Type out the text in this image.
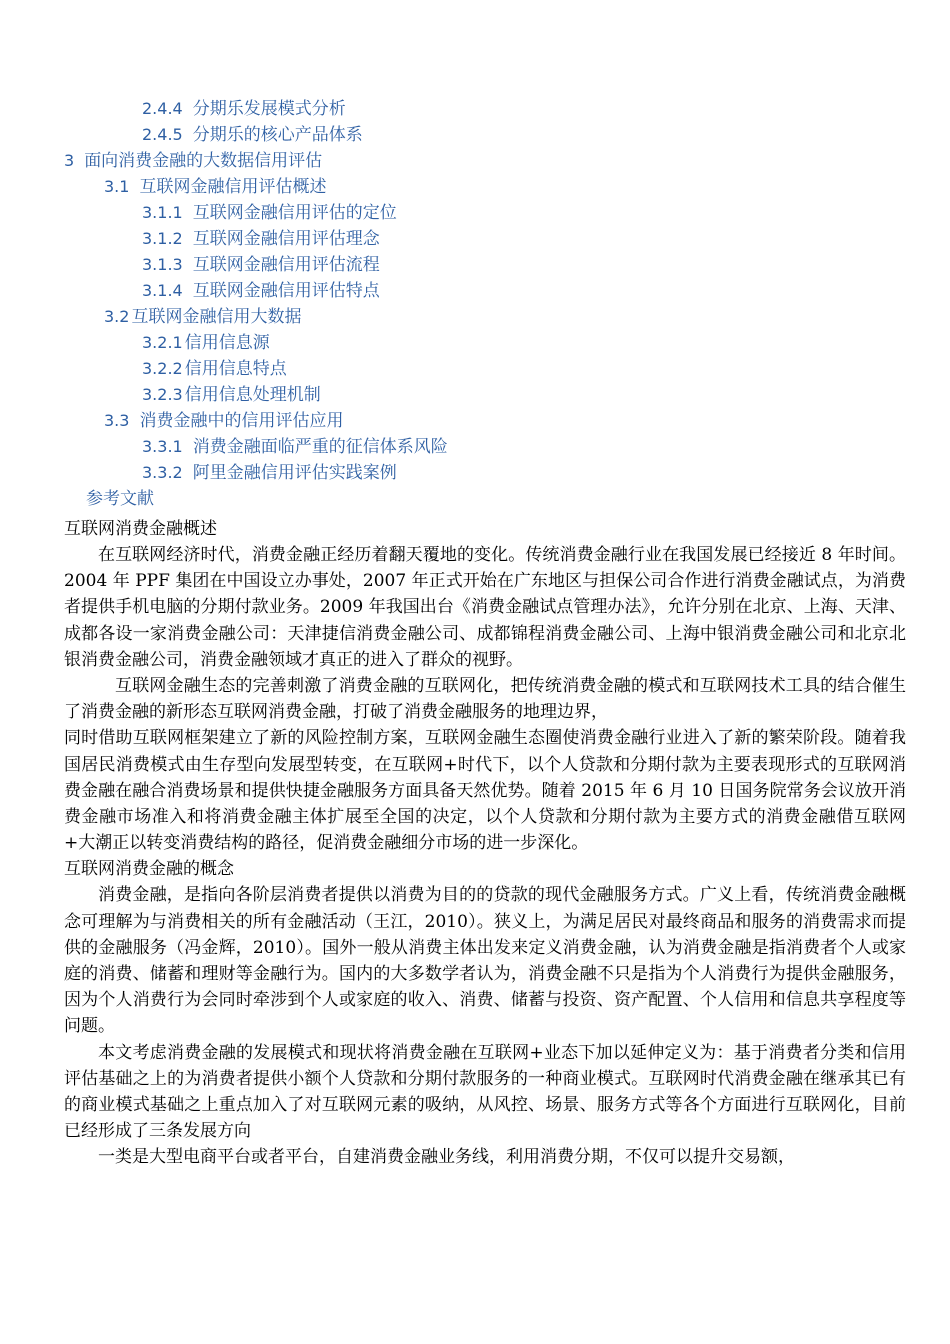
2.4.4 分期乐发展模式分析
2.4.5 分期乐的核心产品体系
3 面向消费金融的大数据信用评估
3.1 互联网金融信用评估概述
3.1.1 互联网金融信用评估的定位
3.1.2 互联网金融信用评估理念
3.1.3 互联网金融信用评估流程
3.1.4 互联网金融信用评估特点
3.2 互联网金融信用大数据
3.2.1 信用信息源
3.2.2 信用信息特点
3.2.3 信用信息处理机制
3.3 消费金融中的信用评估应用
3.3.1 消费金融面临严重的征信体系风险
3.3.2 阿里金融信用评估实践案例
参考文献
互联网消费金融概述

在互联网经济时代，消费金融正经历着翻天覆地的变化。传统消费金融行业在我国发展已经接近 8 年时间。2004 年 PPF 集团在中国设立办事处，2007 年正式开始在广东地区与担保公司合作进行消费金融试点，为消费者提供手机电脑的分期付款业务。2009 年我国出台《消费金融试点管理办法》，允许分别在北京、上海、天津、成都各设一家消费金融公司：天津捷信消费金融公司、成都锦程消费金融公司、上海中银消费金融公司和北京北银消费金融公司，消费金融领域才真正的进入了群众的视野。

互联网金融生态的完善刺激了消费金融的互联网化，把传统消费金融的模式和互联网技术工具的结合催生了消费金融的新形态互联网消费金融，打破了消费金融服务的地理边界，

同时借助互联网框架建立了新的风险控制方案，互联网金融生态圈使消费金融行业进入了新的繁荣阶段。随着我国居民消费模式由生存型向发展型转变，在互联网+时代下，以个人贷款和分期付款为主要表现形式的互联网消费金融在融合消费场景和提供快捷金融服务方面具备天然优势。随着 2015 年 6 月 10 日国务院常务会议放开消费金融市场准入和将消费金融主体扩展至全国的决定，以个人贷款和分期付款为主要方式的消费金融借互联网+大潮正以转变消费结构的路径，促消费金融细分市场的进一步深化。

互联网消费金融的概念

消费金融，是指向各阶层消费者提供以消费为目的的贷款的现代金融服务方式。广义上看，传统消费金融概念可理解为与消费相关的所有金融活动（王江，2010）。狭义上，为满足居民对最终商品和服务的消费需求而提供的金融服务（冯金辉，2010）。国外一般从消费主体出发来定义消费金融，认为消费金融是指消费者个人或家庭的消费、储蓄和理财等金融行为。国内的大多数学者认为，消费金融不只是指为个人消费行为提供金融服务，因为个人消费行为会同时牵涉到个人或家庭的收入、消费、储蓄与投资、资产配置、个人信用和信息共享程度等问题。

本文考虑消费金融的发展模式和现状将消费金融在互联网+业态下加以延伸定义为：基于消费者分类和信用评估基础之上的为消费者提供小额个人贷款和分期付款服务的一种商业模式。互联网时代消费金融在继承其已有的商业模式基础之上重点加入了对互联网元素的吸纳，从风控、场景、服务方式等各个方面进行互联网化，目前已经形成了三条发展方向

一类是大型电商平台或者平台，自建消费金融业务线，利用消费分期，不仅可以提升交易额，
